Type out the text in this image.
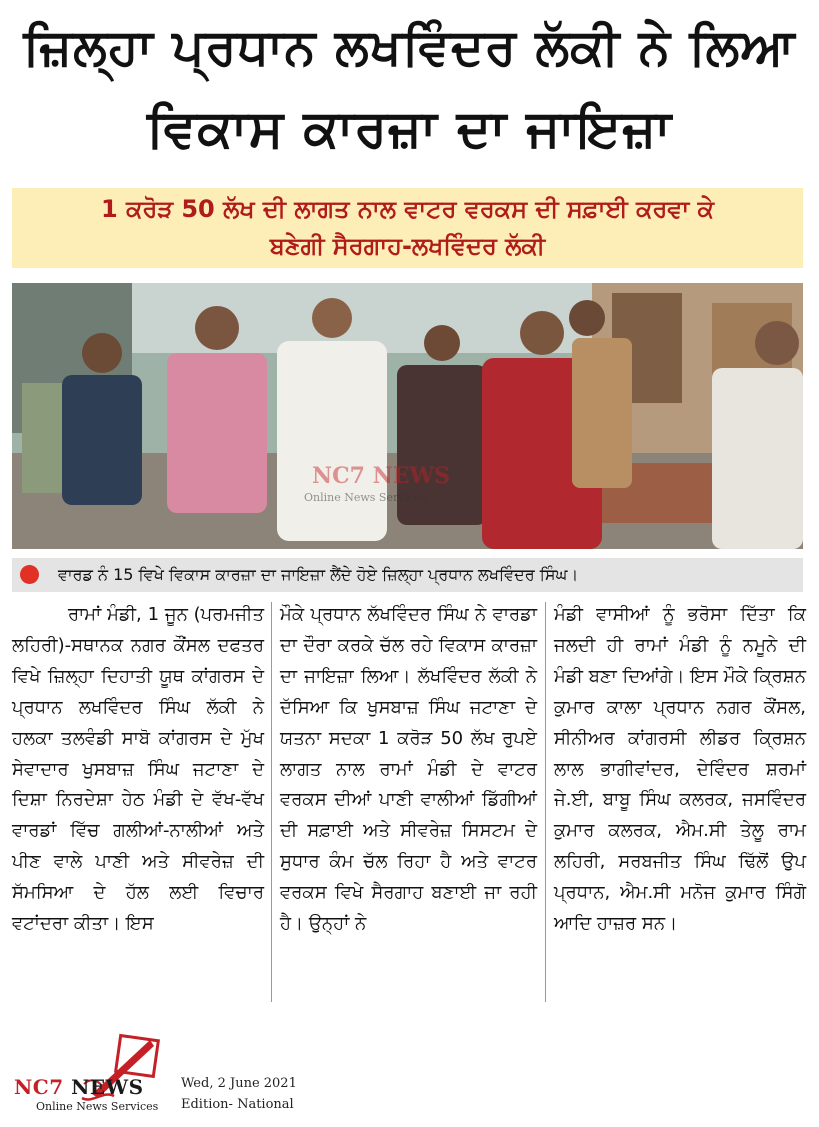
ਜ਼ਿਲ੍ਹਾ ਪ੍ਰਧਾਨ ਲਖਵਿੰਦਰ ਲੱਕੀ ਨੇ ਲਿਆ
ਵਿਕਾਸ ਕਾਰਜ਼ਾ ਦਾ ਜਾਇਜ਼ਾ
1 ਕਰੋੜ 50 ਲੱਖ ਦੀ ਲਾਗਤ ਨਾਲ ਵਾਟਰ ਵਰਕਸ ਦੀ ਸਫ਼ਾਈ ਕਰਵਾ ਕੇ
ਬਣੇਗੀ ਸੈਰਗਾਹ-ਲਖਵਿੰਦਰ ਲੱਕੀ
NC7 NEWS
Online News Services
ਵਾਰਡ ਨੰ 15 ਵਿਖੇ ਵਿਕਾਸ ਕਾਰਜ਼ਾ ਦਾ ਜਾਇਜ਼ਾ ਲੈਂਦੇ ਹੋਏ ਜ਼ਿਲ੍ਹਾ ਪ੍ਰਧਾਨ ਲਖਵਿੰਦਰ ਸਿੰਘ।
ਰਾਮਾਂ ਮੰਡੀ, 1 ਜੂਨ (ਪਰਮਜੀਤ ਲਹਿਰੀ)-ਸਥਾਨਕ ਨਗਰ ਕੌਂਸਲ ਦਫਤਰ ਵਿਖੇ ਜ਼ਿਲ੍ਹਾ ਦਿਹਾਤੀ ਯੂਥ ਕਾਂਗਰਸ ਦੇ ਪ੍ਰਧਾਨ ਲਖਵਿੰਦਰ ਸਿੰਘ ਲੱਕੀ ਨੇ ਹਲਕਾ ਤਲਵੰਡੀ ਸਾਬੋ ਕਾਂਗਰਸ ਦੇ ਮੁੱਖ ਸੇਵਾਦਾਰ ਖੁਸਬਾਜ਼ ਸਿੰਘ ਜਟਾਣਾ ਦੇ ਦਿਸ਼ਾ ਨਿਰਦੇਸ਼ਾ ਹੇਠ ਮੰਡੀ ਦੇ ਵੱਖ-ਵੱਖ ਵਾਰਡਾਂ ਵਿੱਚ ਗਲੀਆਂ-ਨਾਲੀਆਂ ਅਤੇ ਪੀਣ ਵਾਲੇ ਪਾਣੀ ਅਤੇ ਸੀਵਰੇਜ਼ ਦੀ ਸੱਮਸਿਆ ਦੇ ਹੱਲ ਲਈ ਵਿਚਾਰ ਵਟਾਂਦਰਾ ਕੀਤਾ। ਇਸ
ਮੌਕੇ ਪ੍ਰਧਾਨ ਲੱਖਵਿੰਦਰ ਸਿੰਘ ਨੇ ਵਾਰਡਾ ਦਾ ਦੌਰਾ ਕਰਕੇ ਚੱਲ ਰਹੇ ਵਿਕਾਸ ਕਾਰਜ਼ਾ ਦਾ ਜਾਇਜ਼ਾ ਲਿਆ। ਲੱਖਵਿੰਦਰ ਲੱਕੀ ਨੇ ਦੱਸਿਆ ਕਿ ਖੁਸਬਾਜ਼ ਸਿੰਘ ਜਟਾਣਾ ਦੇ ਯਤਨਾ ਸਦਕਾ 1 ਕਰੋੜ 50 ਲੱਖ ਰੁਪਏ ਲਾਗਤ ਨਾਲ ਰਾਮਾਂ ਮੰਡੀ ਦੇ ਵਾਟਰ ਵਰਕਸ ਦੀਆਂ ਪਾਣੀ ਵਾਲੀਆਂ ਡਿੱਗੀਆਂ ਦੀ ਸਫ਼ਾਈ ਅਤੇ ਸੀਵਰੇਜ਼ ਸਿਸਟਮ ਦੇ ਸੁਧਾਰ ਕੰਮ ਚੱਲ ਰਿਹਾ ਹੈ ਅਤੇ ਵਾਟਰ ਵਰਕਸ ਵਿਖੇ ਸੈਰਗਾਹ ਬਣਾਈ ਜਾ ਰਹੀ ਹੈ। ਉਨ੍ਹਾਂ ਨੇ
ਮੰਡੀ ਵਾਸੀਆਂ ਨੂੰ ਭਰੋਸਾ ਦਿੱਤਾ ਕਿ ਜਲਦੀ ਹੀ ਰਾਮਾਂ ਮੰਡੀ ਨੂੰ ਨਮੂਨੇ ਦੀ ਮੰਡੀ ਬਣਾ ਦਿਆਂਗੇ। ਇਸ ਮੌਕੇ ਕ੍ਰਿਸ਼ਨ ਕੁਮਾਰ ਕਾਲਾ ਪ੍ਰਧਾਨ ਨਗਰ ਕੌਂਸਲ, ਸੀਨੀਅਰ ਕਾਂਗਰਸੀ ਲੀਡਰ ਕ੍ਰਿਸ਼ਨ ਲਾਲ ਭਾਗੀਵਾਂਦਰ, ਦੇਵਿੰਦਰ ਸ਼ਰਮਾਂ ਜੇ.ਈ, ਬਾਬੂ ਸਿੰਘ ਕਲਰਕ, ਜਸਵਿੰਦਰ ਕੁਮਾਰ ਕਲਰਕ, ਐਮ.ਸੀ ਤੇਲੂ ਰਾਮ ਲਹਿਰੀ, ਸਰਬਜੀਤ ਸਿੰਘ ਢਿੱਲੋਂ ਉਪ ਪ੍ਰਧਾਨ, ਐਮ.ਸੀ ਮਨੋਜ ਕੁਮਾਰ ਸਿੰਗੋ ਆਦਿ ਹਾਜ਼ਰ ਸਨ।
NC7 NEWS
Online News Services
Wed, 2 June 2021
Edition- National
